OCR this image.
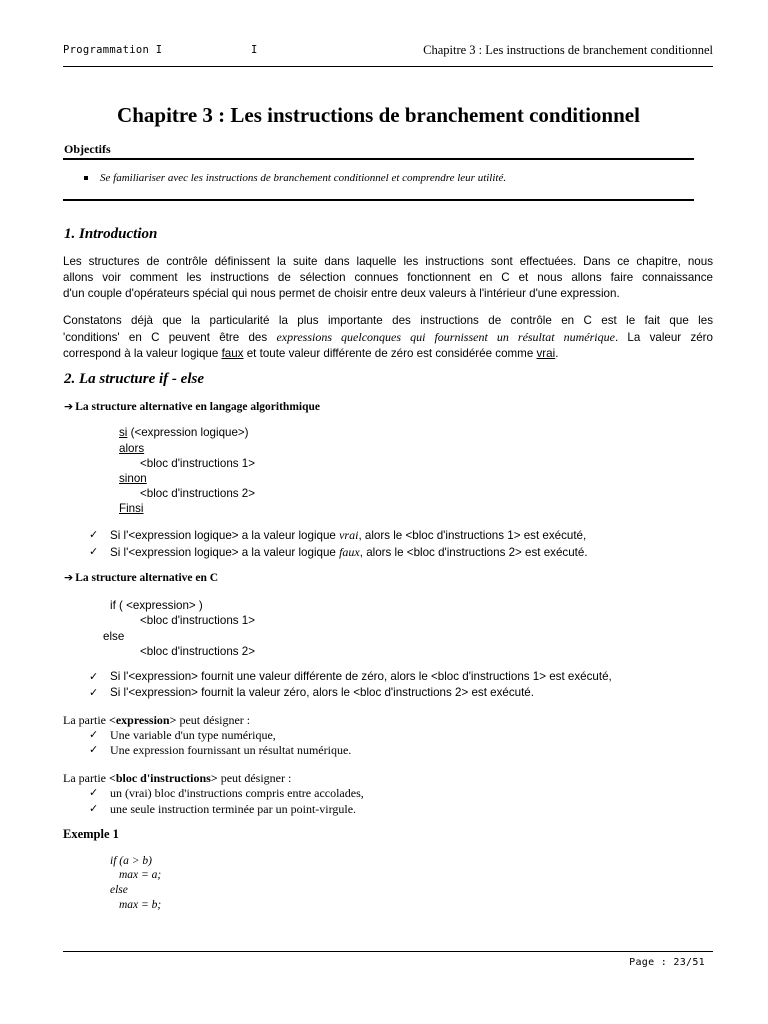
Programmation I	I	Chapitre 3 : Les instructions de branchement conditionnel
Chapitre 3 : Les instructions de branchement conditionnel
Objectifs
Se familiariser avec les instructions de branchement conditionnel et comprendre leur utilité.
1. Introduction
Les structures de contrôle définissent la suite dans laquelle les instructions sont effectuées. Dans ce chapitre, nous
allons voir comment les instructions de sélection connues fonctionnent en C et nous allons faire connaissance
d'un couple d'opérateurs spécial qui nous permet de choisir entre deux valeurs à l'intérieur d'une expression.
Constatons déjà que la particularité la plus importante des instructions de contrôle en C est le fait que les
'conditions' en C peuvent être des expressions quelconques qui fournissent un résultat numérique. La valeur zéro
correspond à la valeur logique faux et toute valeur différente de zéro est considérée comme vrai.
2. La structure if - else
➔ La structure alternative en langage algorithmique
si (<expression logique>)
alors
<bloc d'instructions 1>
sinon
<bloc d'instructions 2>
Finsi
✓ Si l'<expression logique> a la valeur logique vrai, alors le <bloc d'instructions 1> est exécuté,
✓ Si l'<expression logique> a la valeur logique faux, alors le <bloc d'instructions 2> est exécuté.
➔ La structure alternative en C
if ( <expression> )
<bloc d'instructions 1>
else
<bloc d'instructions 2>
✓ Si l'<expression> fournit une valeur différente de zéro, alors le <bloc d'instructions 1> est exécuté,
✓ Si l'<expression> fournit la valeur zéro, alors le <bloc d'instructions 2> est exécuté.
La partie <expression> peut désigner :
✓ Une variable d'un type numérique,
✓ Une expression fournissant un résultat numérique.
La partie <bloc d'instructions> peut désigner :
✓ un (vrai) bloc d'instructions compris entre accolades,
✓ une seule instruction terminée par un point-virgule.
Exemple 1
if (a > b)
max = a;
else
max = b;
Page : 23/51
